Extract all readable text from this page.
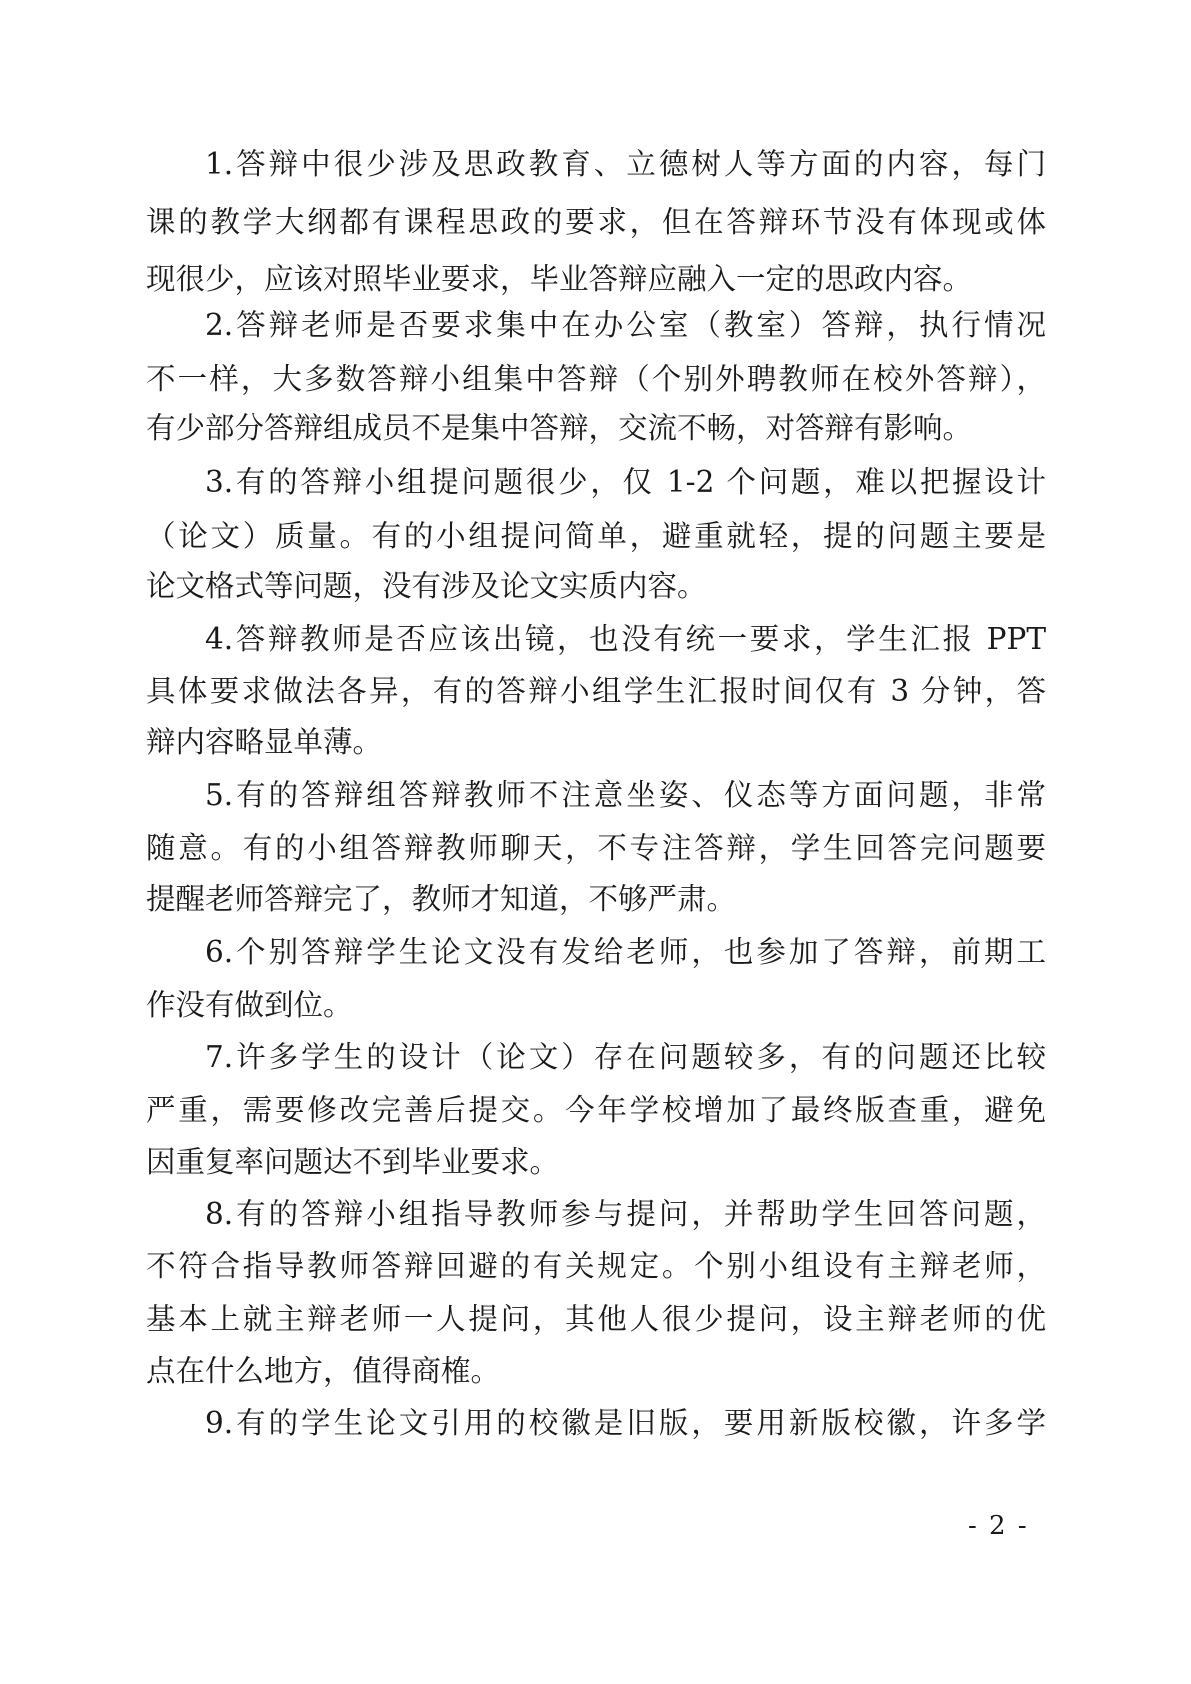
1.答辩中很少涉及思政教育、立德树人等方面的内容，每门
课的教学大纲都有课程思政的要求，但在答辩环节没有体现或体
现很少，应该对照毕业要求，毕业答辩应融入一定的思政内容。
2.答辩老师是否要求集中在办公室（教室）答辩，执行情况
不一样，大多数答辩小组集中答辩（个别外聘教师在校外答辩），
有少部分答辩组成员不是集中答辩，交流不畅，对答辩有影响。
3.有的答辩小组提问题很少，仅 1-2 个问题，难以把握设计
（论文）质量。有的小组提问简单，避重就轻，提的问题主要是
论文格式等问题，没有涉及论文实质内容。
4.答辩教师是否应该出镜，也没有统一要求，学生汇报 PPT
具体要求做法各异，有的答辩小组学生汇报时间仅有 3 分钟，答
辩内容略显单薄。
5.有的答辩组答辩教师不注意坐姿、仪态等方面问题，非常
随意。有的小组答辩教师聊天，不专注答辩，学生回答完问题要
提醒老师答辩完了，教师才知道，不够严肃。
6.个别答辩学生论文没有发给老师，也参加了答辩，前期工
作没有做到位。
7.许多学生的设计（论文）存在问题较多，有的问题还比较
严重，需要修改完善后提交。今年学校增加了最终版查重，避免
因重复率问题达不到毕业要求。
8.有的答辩小组指导教师参与提问，并帮助学生回答问题，
不符合指导教师答辩回避的有关规定。个别小组设有主辩老师，
基本上就主辩老师一人提问，其他人很少提问，设主辩老师的优
点在什么地方，值得商榷。
9.有的学生论文引用的校徽是旧版，要用新版校徽，许多学
- 2 -
